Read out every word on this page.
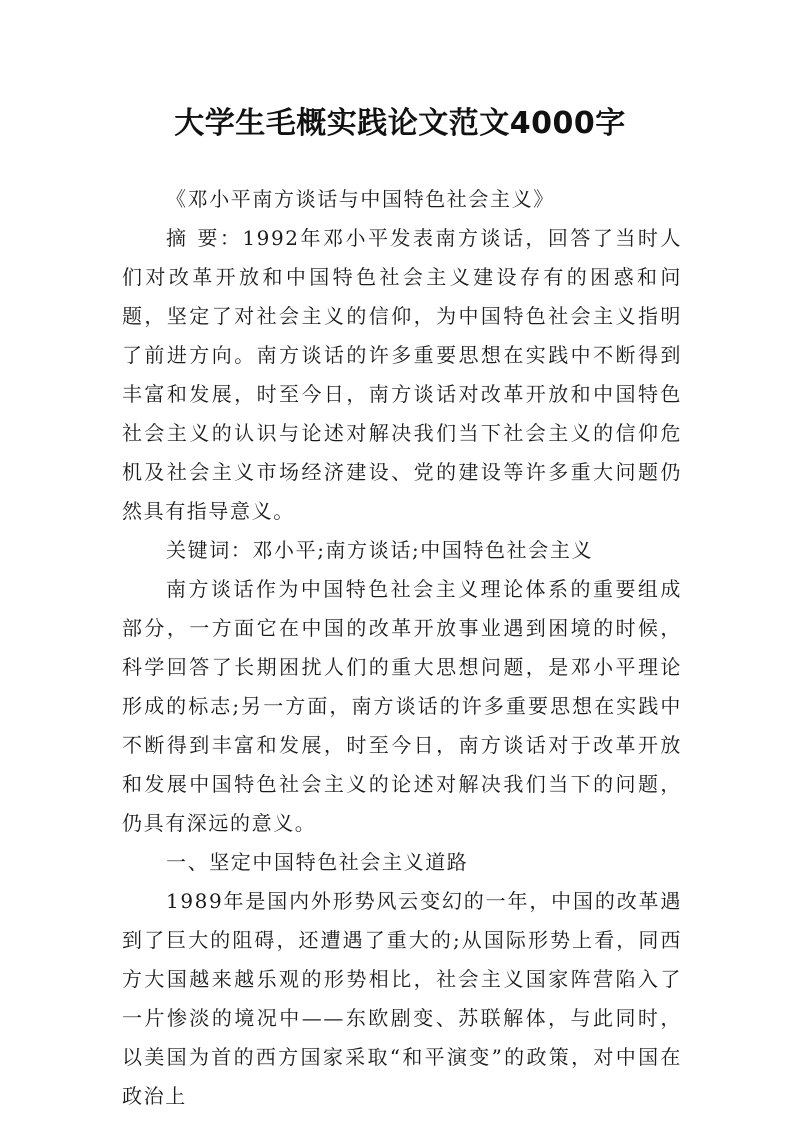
大学生毛概实践论文范文4000字

《邓小平南方谈话与中国特色社会主义》

摘 要：1992年邓小平发表南方谈话，回答了当时人们对改革开放和中国特色社会主义建设存有的困惑和问题，坚定了对社会主义的信仰，为中国特色社会主义指明了前进方向。南方谈话的许多重要思想在实践中不断得到丰富和发展，时至今日，南方谈话对改革开放和中国特色社会主义的认识与论述对解决我们当下社会主义的信仰危机及社会主义市场经济建设、党的建设等许多重大问题仍然具有指导意义。

关键词：邓小平;南方谈话;中国特色社会主义

南方谈话作为中国特色社会主义理论体系的重要组成部分，一方面它在中国的改革开放事业遇到困境的时候，科学回答了长期困扰人们的重大思想问题，是邓小平理论形成的标志;另一方面，南方谈话的许多重要思想在实践中不断得到丰富和发展，时至今日，南方谈话对于改革开放和发展中国特色社会主义的论述对解决我们当下的问题，仍具有深远的意义。

一、坚定中国特色社会主义道路

1989年是国内外形势风云变幻的一年，中国的改革遇到了巨大的阻碍，还遭遇了重大的;从国际形势上看，同西方大国越来越乐观的形势相比，社会主义国家阵营陷入了一片惨淡的境况中——东欧剧变、苏联解体，与此同时，以美国为首的西方国家采取“和平演变”的政策，对中国在政治上
